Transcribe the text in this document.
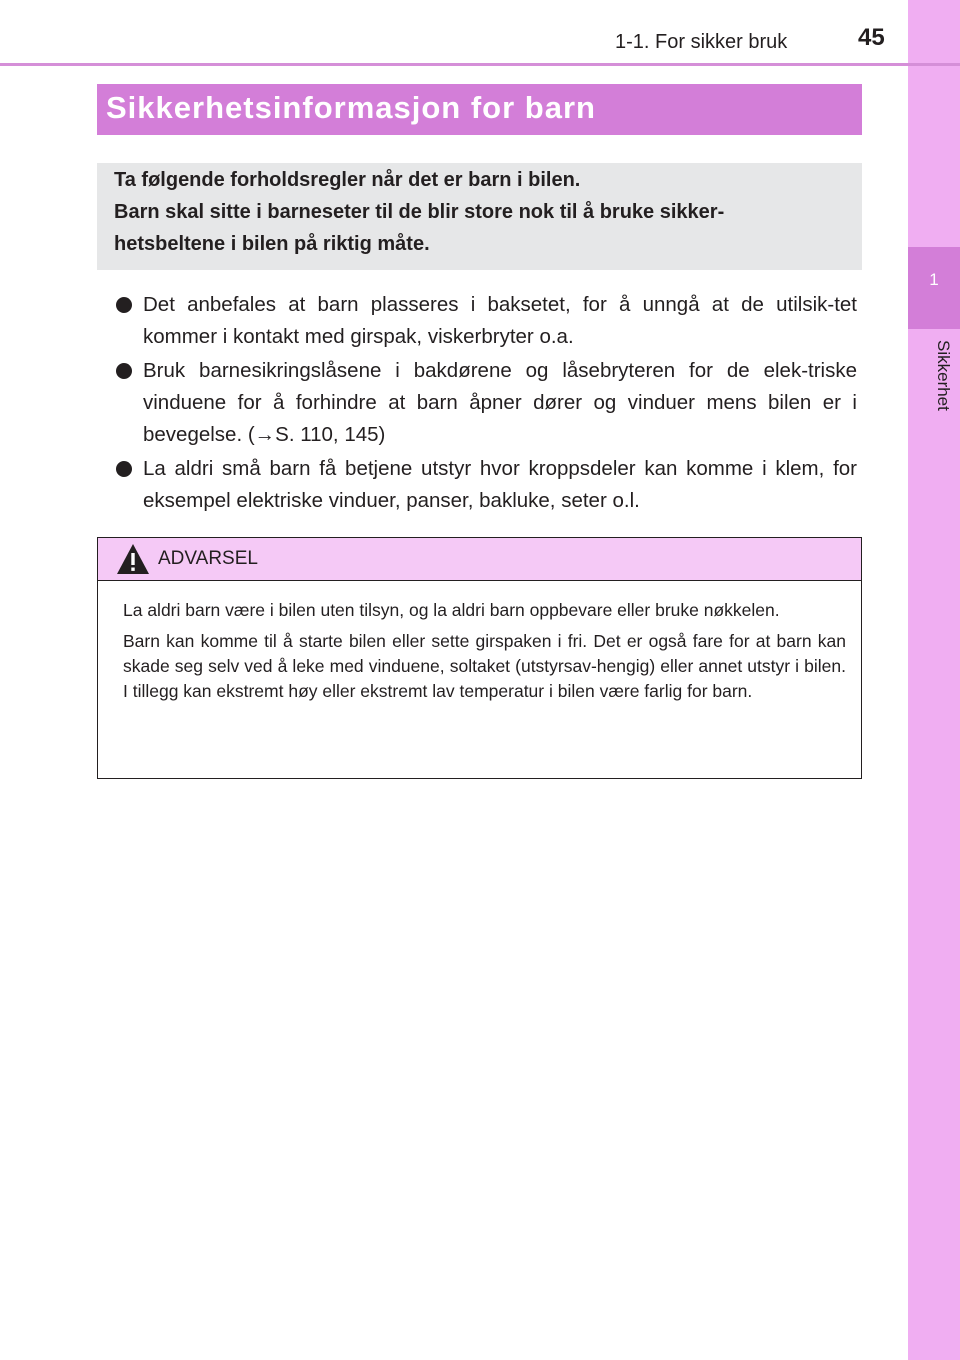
1
Sikkerhet
1-1. For sikker bruk	45
Sikkerhetsinformasjon for barn
Ta følgende forholdsregler når det er barn i bilen.
Barn skal sitte i barneseter til de blir store nok til å bruke sikker-
hetsbeltene i bilen på riktig måte.
Det anbefales at barn plasseres i baksetet, for å unngå at de utilsik-tet kommer i kontakt med girspak, viskerbryter o.a.
Bruk barnesikringslåsene i bakdørene og låsebryteren for de elek-triske vinduene for å forhindre at barn åpner dører og vinduer mens bilen er i bevegelse. (→S. 110, 145)
La aldri små barn få betjene utstyr hvor kroppsdeler kan komme i klem, for eksempel elektriske vinduer, panser, bakluke, seter o.l.
ADVARSEL

La aldri barn være i bilen uten tilsyn, og la aldri barn oppbevare eller bruke nøkkelen.

Barn kan komme til å starte bilen eller sette girspaken i fri. Det er også fare for at barn kan skade seg selv ved å leke med vinduene, soltaket (utstyrsav-hengig) eller annet utstyr i bilen. I tillegg kan ekstremt høy eller ekstremt lav temperatur i bilen være farlig for barn.
